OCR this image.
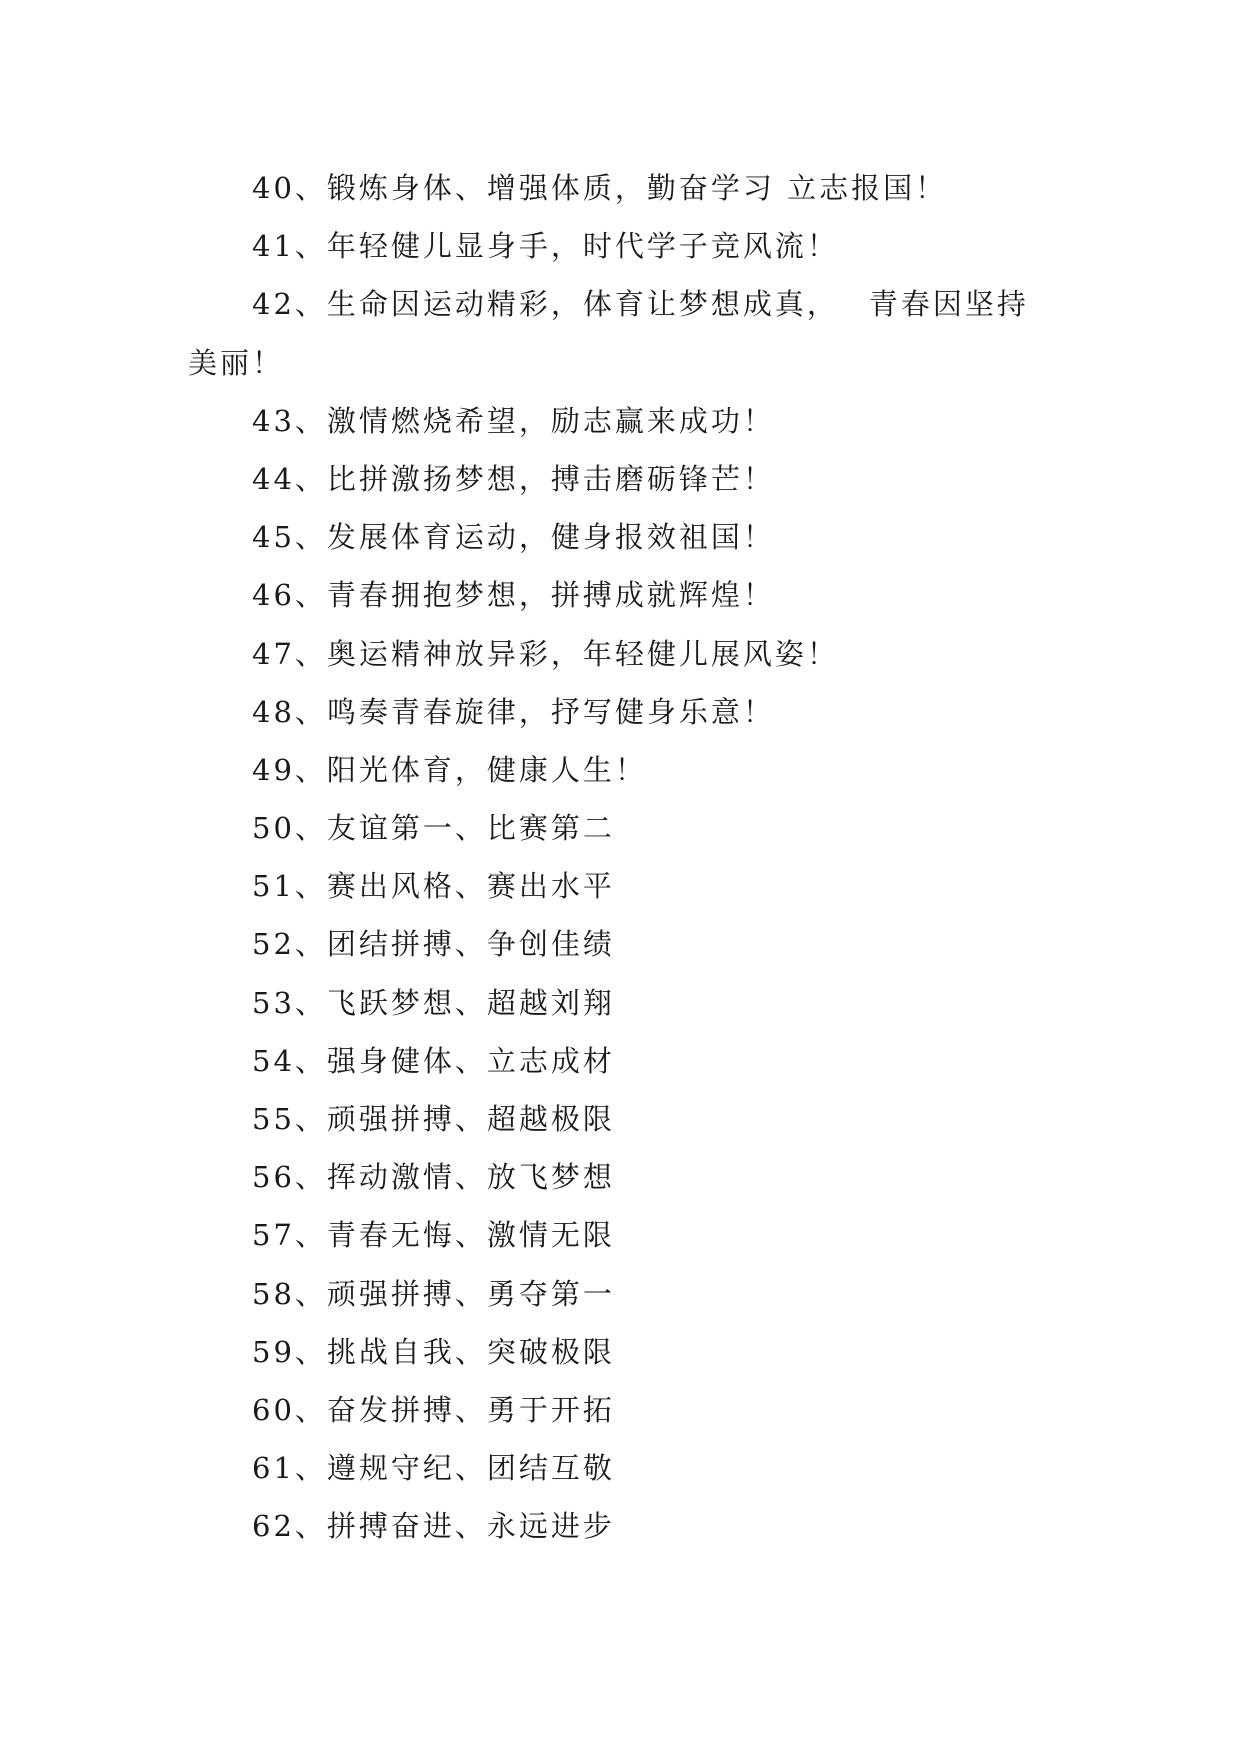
40、锻炼身体、增强体质，勤奋学习 立志报国！
41、年轻健儿显身手，时代学子竞风流！
42、生命因运动精彩，体育让梦想成真， 青春因坚持
美丽！
43、激情燃烧希望，励志赢来成功！
44、比拼激扬梦想，搏击磨砺锋芒！
45、发展体育运动，健身报效祖国！
46、青春拥抱梦想，拼搏成就辉煌！
47、奥运精神放异彩，年轻健儿展风姿！
48、鸣奏青春旋律，抒写健身乐意！
49、阳光体育，健康人生！
50、友谊第一、比赛第二
51、赛出风格、赛出水平
52、团结拼搏、争创佳绩
53、飞跃梦想、超越刘翔
54、强身健体、立志成材
55、顽强拼搏、超越极限
56、挥动激情、放飞梦想
57、青春无悔、激情无限
58、顽强拼搏、勇夺第一
59、挑战自我、突破极限
60、奋发拼搏、勇于开拓
61、遵规守纪、团结互敬
62、拼搏奋进、永远进步
